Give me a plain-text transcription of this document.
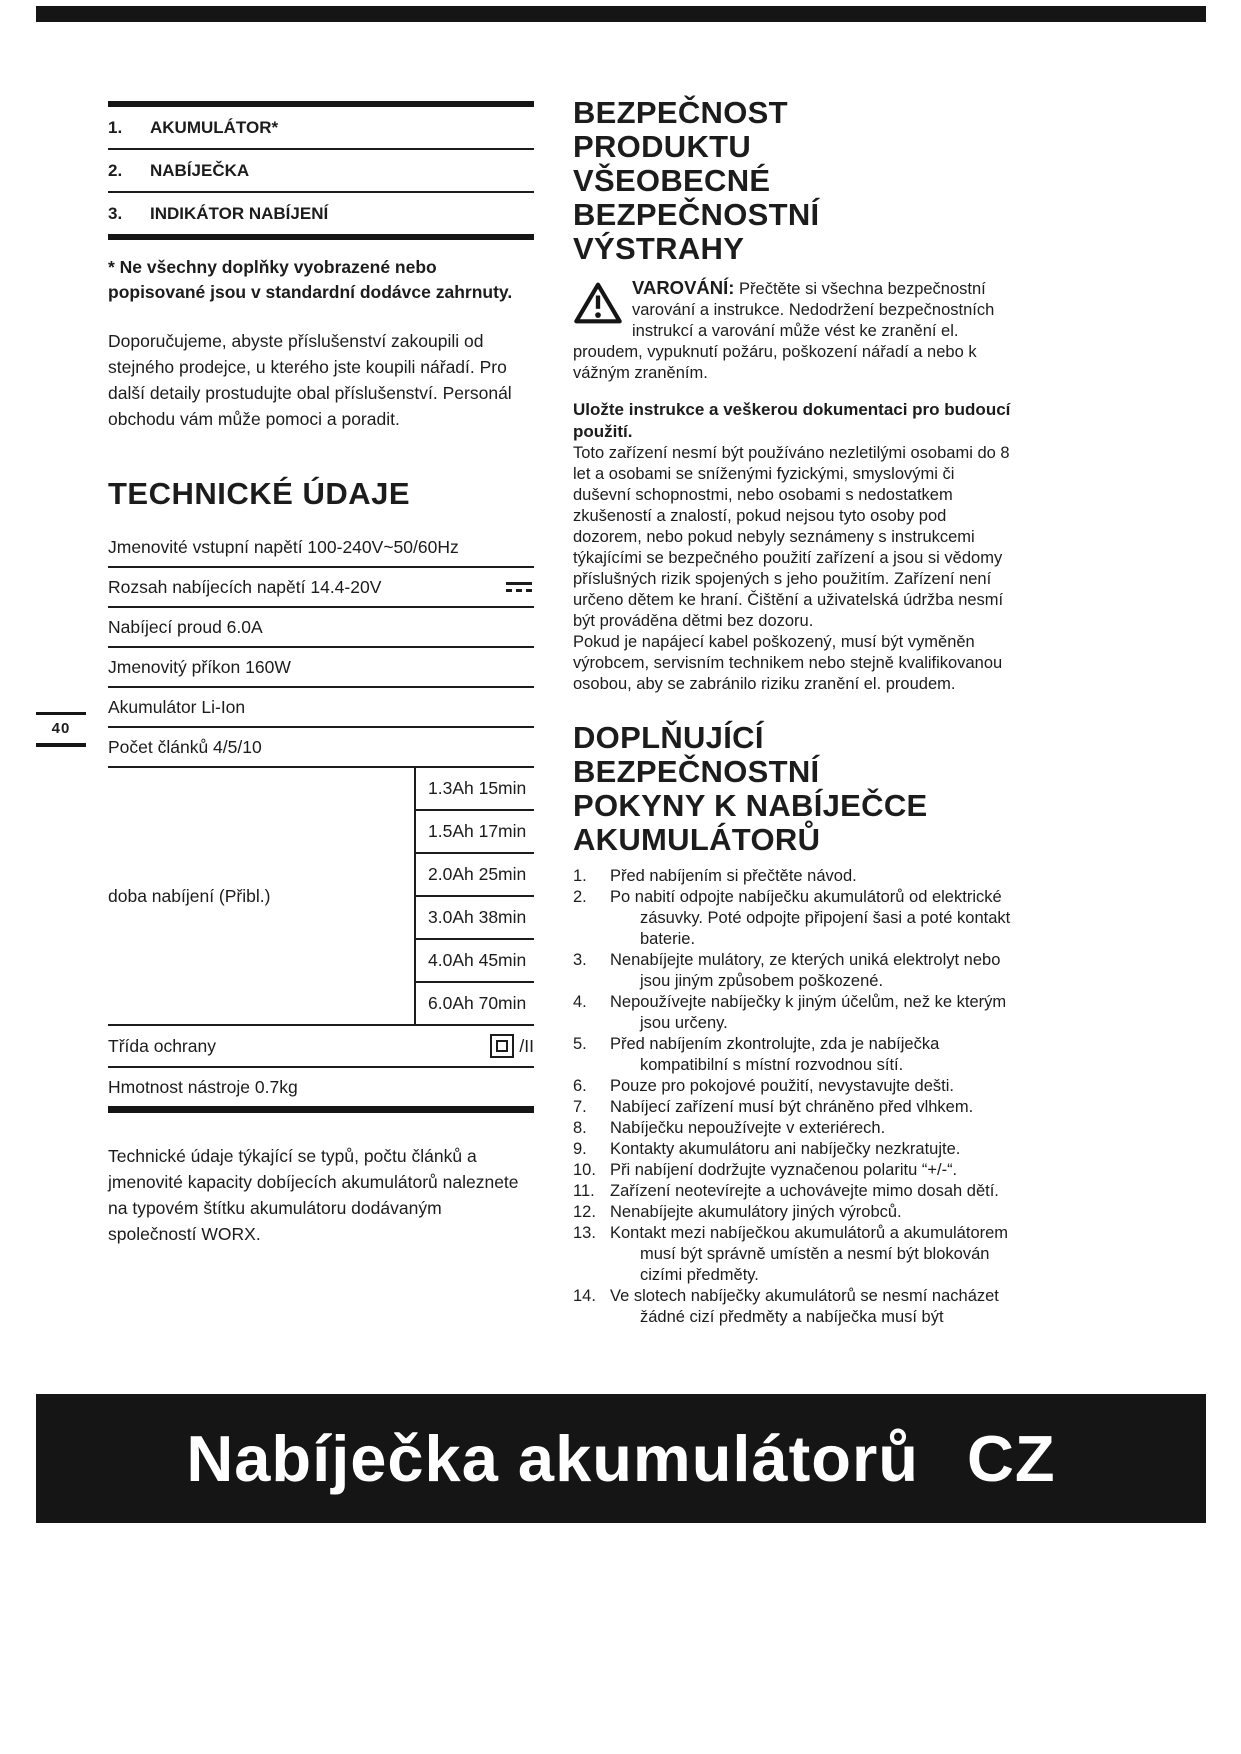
40
1.	AKUMULÁTOR*
2.	NABÍJEČKA
3.	INDIKÁTOR NABÍJENÍ

* Ne všechny doplňky vyobrazené nebo popisované jsou v standardní dodávce zahrnuty.

Doporučujeme, abyste příslušenství zakoupili od stejného prodejce, u kterého jste koupili nářadí. Pro další detaily prostudujte obal příslušenství. Personál obchodu vám může pomoci a poradit.

TECHNICKÉ ÚDAJE
Jmenovité vstupní napětí 100-240V~50/60Hz
Rozsah nabíjecích napětí 14.4-20V
Nabíjecí proud 6.0A
Jmenovitý příkon 160W
Akumulátor Li-Ion
Počet článků 4/5/10
doba nabíjení (Přibl.)
1.3Ah 15min
1.5Ah 17min
2.0Ah 25min
3.0Ah 38min
4.0Ah 45min
6.0Ah 70min
Třída ochrany	/II
Hmotnost nástroje 0.7kg

Technické údaje týkající se typů, počtu článků a jmenovité kapacity dobíjecích akumulátorů naleznete na typovém štítku akumulátoru dodávaným společností WORX.

BEZPEČNOST
PRODUKTU
VŠEOBECNÉ
BEZPEČNOSTNÍ
VÝSTRAHY
VAROVÁNÍ: Přečtěte si všechna bezpečnostní varování a instrukce. Nedodržení bezpečnostních instrukcí a varování může vést ke zranění el. proudem, vypuknutí požáru, poškození nářadí a nebo k vážným zraněním.

Uložte instrukce a veškerou dokumentaci pro budoucí použití.

Toto zařízení nesmí být používáno nezletilými osobami do 8 let a osobami se sníženými fyzickými, smyslovými či duševní schopnostmi, nebo osobami s nedostatkem zkušeností a znalostí, pokud nejsou tyto osoby pod dozorem, nebo pokud nebyly seznámeny s instrukcemi týkajícími se bezpečného použití zařízení a jsou si vědomy příslušných rizik spojených s jeho použitím. Zařízení není určeno dětem ke hraní. Čištění a uživatelská údržba nesmí být prováděna dětmi bez dozoru.

Pokud je napájecí kabel poškozený, musí být vyměněn výrobcem, servisním technikem nebo stejně kvalifikovanou osobou, aby se zabránilo riziku zranění el. proudem.

DOPLŇUJÍCÍ
BEZPEČNOSTNÍ
POKYNY K NABÍJEČCE
AKUMULÁTORŮ
1.	Před nabíjením si přečtěte návod.
2.	Po nabití odpojte nabíječku akumulátorů od elektrické zásuvky. Poté odpojte připojení šasi a poté kontakt baterie.
3.	Nenabíjejte mulátory, ze kterých uniká elektrolyt nebo jsou jiným způsobem poškozené.
4.	Nepoužívejte nabíječky k jiným účelům, než ke kterým jsou určeny.
5.	Před nabíjením zkontrolujte, zda je nabíječka kompatibilní s místní rozvodnou sítí.
6.	Pouze pro pokojové použití, nevystavujte dešti.
7.	Nabíjecí zařízení musí být chráněno před vlhkem.
8.	Nabíječku nepoužívejte v exteriérech.
9.	Kontakty akumulátoru ani nabíječky nezkratujte.
10. Při nabíjení dodržujte vyznačenou polaritu “+/-“.
11. Zařízení neotevírejte a uchovávejte mimo dosah dětí.
12. Nenabíjejte akumulátory jiných výrobců.
13. Kontakt mezi nabíječkou akumulátorů a akumulátorem musí být správně umístěn a nesmí být blokován cizími předměty.
14. Ve slotech nabíječky akumulátorů se nesmí nacházet žádné cizí předměty a nabíječka musí být
Nabíječka akumulátorů CZ
